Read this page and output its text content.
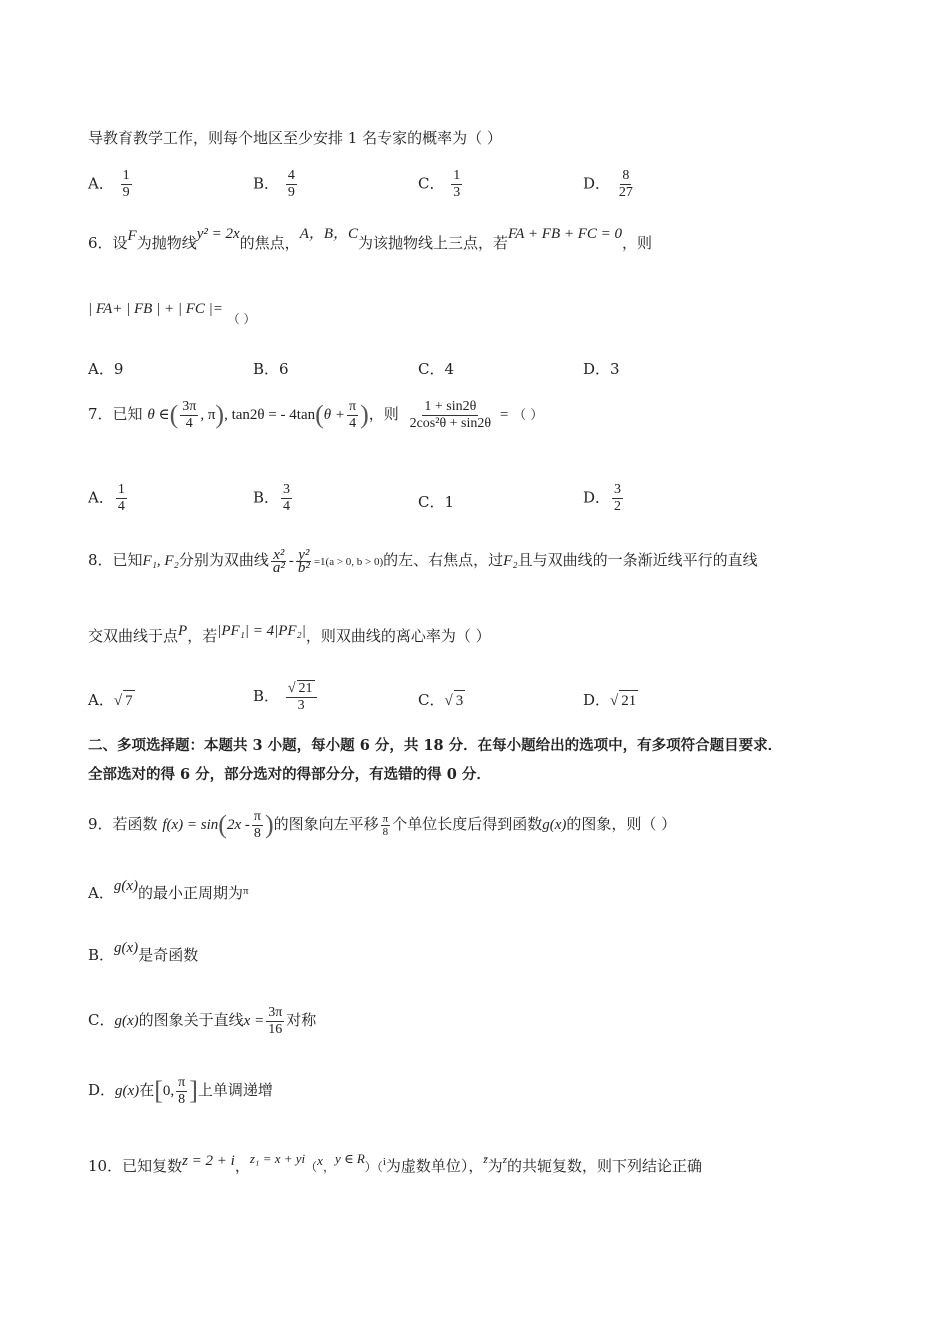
导教育教学工作，则每个地区至少安排 1 名专家的概率为（ ）
A． $\frac{1}{9}$	B． $\frac{4}{9}$	C． $\frac{1}{3}$	D． $\frac{8}{27}$
6．设F为抛物线y² = 2x的焦点，A，B，C为该抛物线上三点，若FA + FB + FC = 0，则
| FA+ | FB | + | FC |= $_{( )}$
A．9	B．6	C．4	D．3
7．已知 θ ∈( $\frac{3\pi}{4}$ , π), tan2θ = - $4\tan(\theta + \frac{\pi}{4}$ )，则 $\frac{1 + \sin 2\theta}{\text{2cos²θ + sin2θ}}$ = （ ）
A． $\frac{1}{4}$	B． $\frac{3}{4}$	C．1	D． $\frac{3}{2}$
8．已知F₁, F₂分别为双曲线 $\frac{\text{x²}}{\text{a²}} - \frac{\text{y²}}{\text{b²}} =1(a > 0$, b > 0)的左、右焦点，过F₂且与双曲线的一条渐近线平行的直线
交双曲线于点P，若|PF₁| = 4|PF₂|，则双曲线的离心率为（ ）
A．√ 7	B． $\frac{√ 21}{3}$	C．√ 3	D．√ 21
二、多项选择题：本题共 3 小题，每小题 6 分，共 18 分．在每小题给出的选项中，有多项符合题目要求．
全部选对的得 6 分，部分选对的得部分分，有选错的得 0 分．
9．若函数 $f(x) = \sin(2x - \frac{\pi}{8}$ )的图象向左平移 $\frac{\pi}{8}$ 个单位长度后得到函数g(x)的图象，则（ ）
A．g(x)的最小正周期为$^\pi$
B．g(x)是奇函数
C．g(x)的图象关于直线$x = \frac{3\pi}{16}$ 对称
D．g(x)在[0, $\frac{\pi}{8}$ ]上单调递增
10．已知复数z = 2 + i，z₁ = x + yi（x，y ∈ R）（$^i$为虚数单位），$^{z̄}$为$^z$的共轭复数，则下列结论正确
